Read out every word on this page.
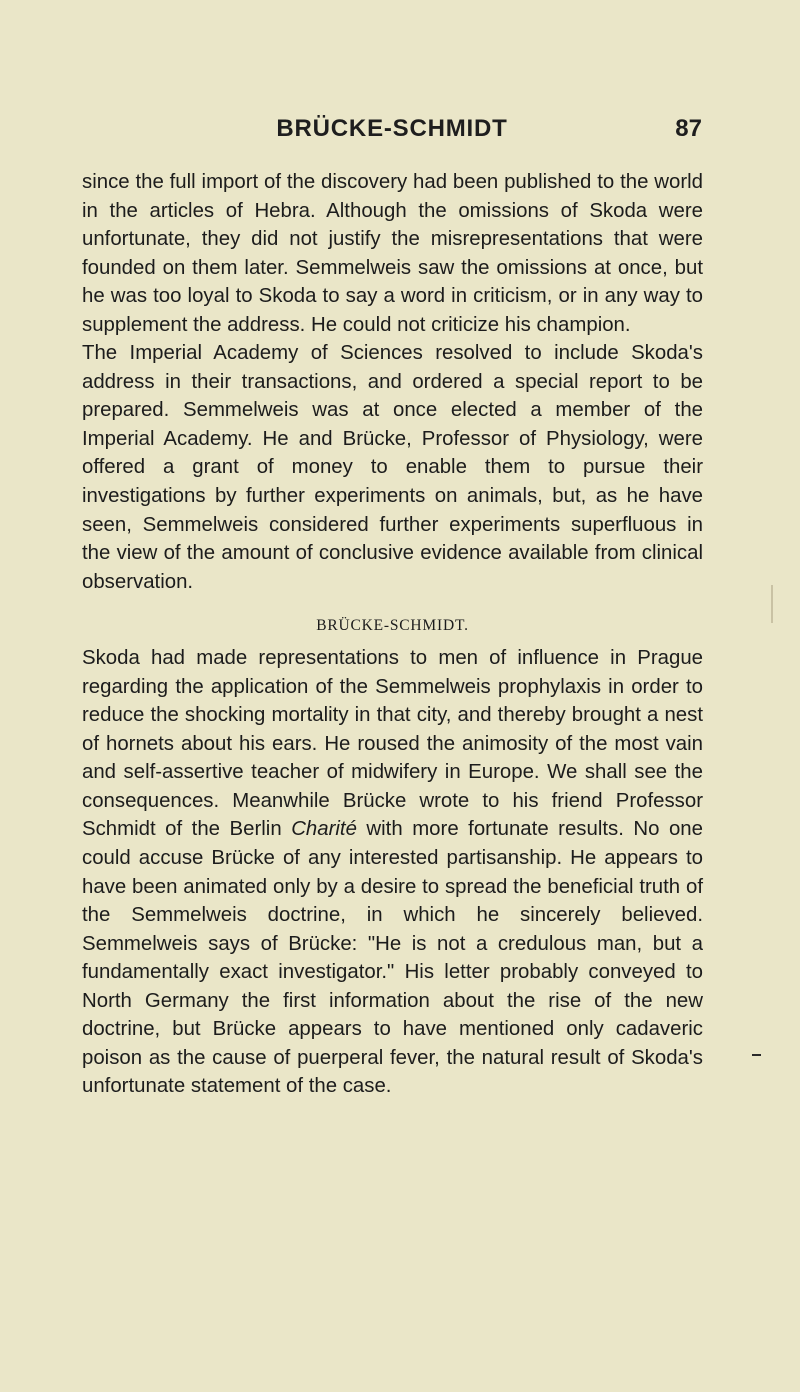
BRÜCKE-SCHMIDT	87

since the full import of the discovery had been published to the world in the articles of Hebra. Although the omissions of Skoda were unfortunate, they did not justify the misrepresentations that were founded on them later. Semmelweis saw the omissions at once, but he was too loyal to Skoda to say a word in criticism, or in any way to supplement the address. He could not criticize his champion.

The Imperial Academy of Sciences resolved to include Skoda's address in their transactions, and ordered a special report to be prepared. Semmelweis was at once elected a member of the Imperial Academy. He and Brücke, Professor of Physiology, were offered a grant of money to enable them to pursue their investigations by further experiments on animals, but, as he have seen, Semmelweis considered further experiments superfluous in the view of the amount of conclusive evidence available from clinical observation.

BRÜCKE-SCHMIDT.

Skoda had made representations to men of influence in Prague regarding the application of the Semmelweis prophylaxis in order to reduce the shocking mortality in that city, and thereby brought a nest of hornets about his ears. He roused the animosity of the most vain and self-assertive teacher of midwifery in Europe. We shall see the consequences. Meanwhile Brücke wrote to his friend Professor Schmidt of the Berlin Charité with more fortunate results. No one could accuse Brücke of any interested partisanship. He appears to have been animated only by a desire to spread the beneficial truth of the Semmelweis doctrine, in which he sincerely believed. Semmelweis says of Brücke: "He is not a credulous man, but a fundamentally exact investigator." His letter probably conveyed to North Germany the first information about the rise of the new doctrine, but Brücke appears to have mentioned only cadaveric poison as the cause of puerperal fever, the natural result of Skoda's unfortunate statement of the case.
